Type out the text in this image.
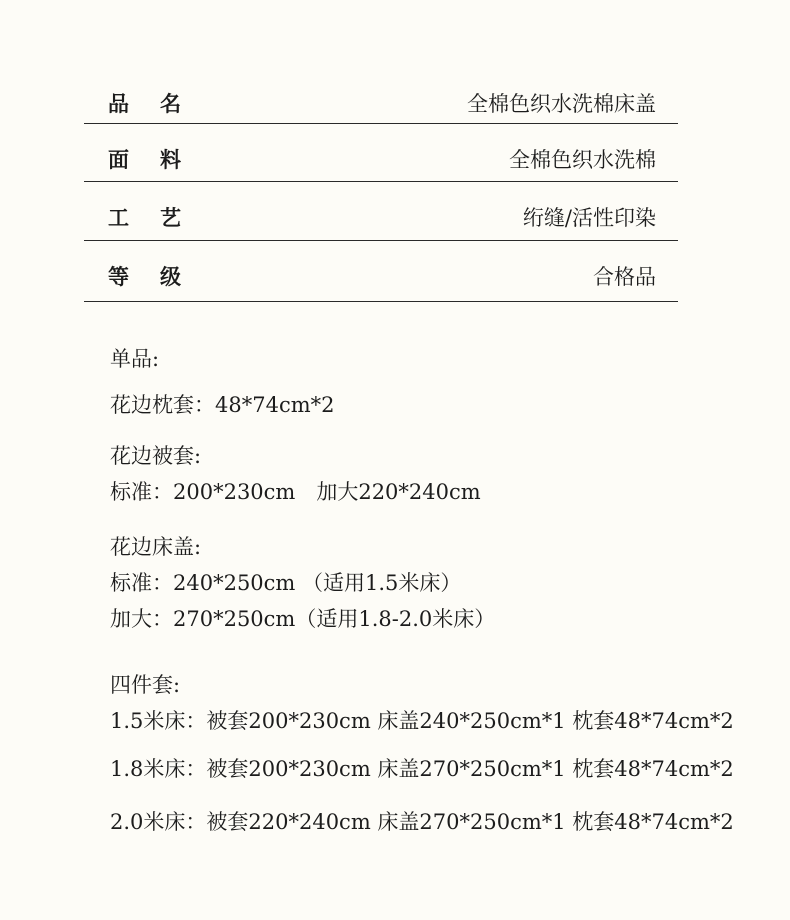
品 名	全棉色织水洗棉床盖
面 料	全棉色织水洗棉
工 艺	绗缝/活性印染
等 级	合格品
单品:
花边枕套：48*74cm*2
花边被套:
标准：200*230cm　加大220*240cm
花边床盖:
标准：240*250cm （适用1.5米床）
加大：270*250cm（适用1.8-2.0米床）
四件套:
1.5米床：被套200*230cm 床盖240*250cm*1 枕套48*74cm*2
1.8米床：被套200*230cm 床盖270*250cm*1 枕套48*74cm*2
2.0米床：被套220*240cm 床盖270*250cm*1 枕套48*74cm*2
